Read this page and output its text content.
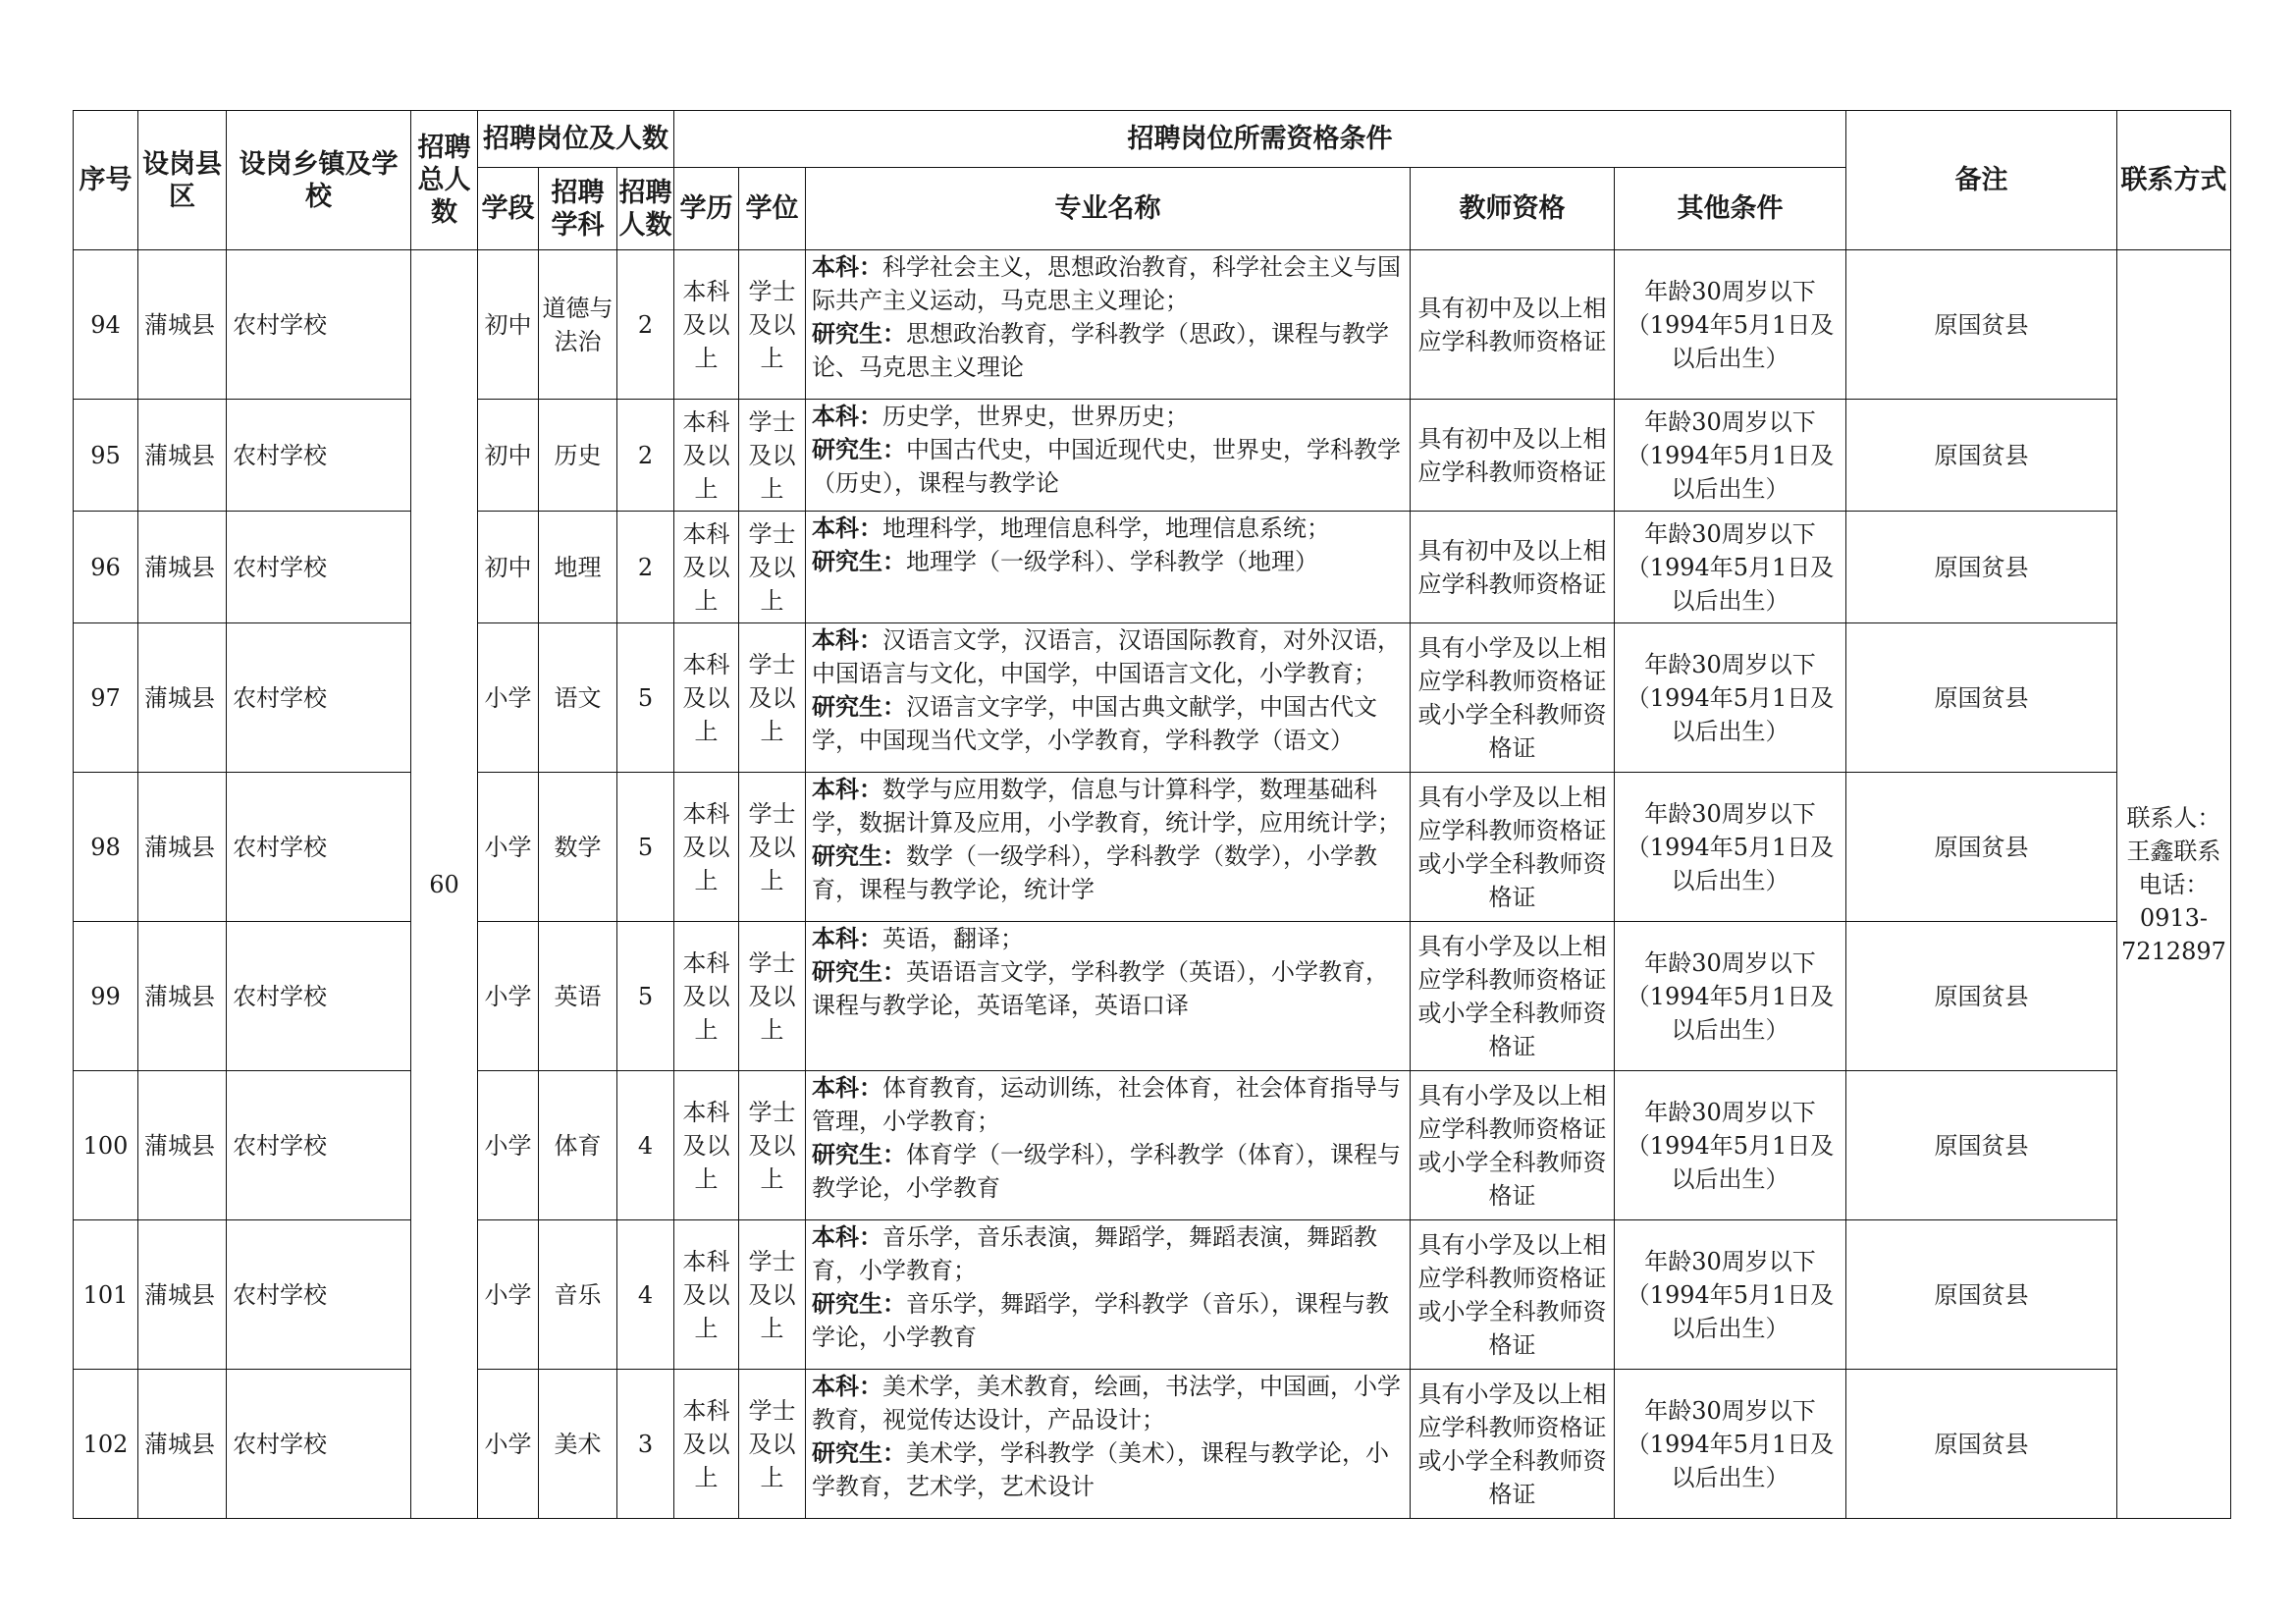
序号	设岗县区	设岗乡镇及学校	招聘总人数	招聘岗位及人数			招聘岗位所需资格条件					备注	联系方式
				学段	招聘学科	招聘人数	学历	学位	专业名称	教师资格	其他条件		
94	蒲城县	农村学校	60	初中	道德与法治	2	本科及以上	学士及以上	本科：科学社会主义，思想政治教育，科学社会主义与国际共产主义运动，马克思主义理论；
研究生：思想政治教育，学科教学（思政），课程与教学论、马克思主义理论	具有初中及以上相应学科教师资格证	年龄30周岁以下（1994年5月1日及以后出生）	原国贫县	联系人：王鑫联系电话：0913-7212897
95	蒲城县	农村学校		初中	历史	2	本科及以上	学士及以上	本科：历史学，世界史，世界历史；
研究生：中国古代史，中国近现代史，世界史，学科教学（历史），课程与教学论	具有初中及以上相应学科教师资格证	年龄30周岁以下（1994年5月1日及以后出生）	原国贫县	
96	蒲城县	农村学校		初中	地理	2	本科及以上	学士及以上	本科：地理科学，地理信息科学，地理信息系统；
研究生：地理学（一级学科）、学科教学（地理）	具有初中及以上相应学科教师资格证	年龄30周岁以下（1994年5月1日及以后出生）	原国贫县	
97	蒲城县	农村学校		小学	语文	5	本科及以上	学士及以上	本科：汉语言文学，汉语言，汉语国际教育，对外汉语，中国语言与文化，中国学，中国语言文化，小学教育；
研究生：汉语言文字学，中国古典文献学，中国古代文学，中国现当代文学，小学教育，学科教学（语文）	具有小学及以上相应学科教师资格证或小学全科教师资格证	年龄30周岁以下（1994年5月1日及以后出生）	原国贫县	
98	蒲城县	农村学校		小学	数学	5	本科及以上	学士及以上	本科：数学与应用数学，信息与计算科学，数理基础科学，数据计算及应用，小学教育，统计学，应用统计学；
研究生：数学（一级学科），学科教学（数学），小学教育，课程与教学论，统计学	具有小学及以上相应学科教师资格证或小学全科教师资格证	年龄30周岁以下（1994年5月1日及以后出生）	原国贫县	
99	蒲城县	农村学校		小学	英语	5	本科及以上	学士及以上	本科：英语，翻译；
研究生：英语语言文学，学科教学（英语），小学教育，课程与教学论，英语笔译，英语口译	具有小学及以上相应学科教师资格证或小学全科教师资格证	年龄30周岁以下（1994年5月1日及以后出生）	原国贫县	
100	蒲城县	农村学校		小学	体育	4	本科及以上	学士及以上	本科：体育教育，运动训练，社会体育，社会体育指导与管理，小学教育；
研究生：体育学（一级学科），学科教学（体育），课程与教学论，小学教育	具有小学及以上相应学科教师资格证或小学全科教师资格证	年龄30周岁以下（1994年5月1日及以后出生）	原国贫县	
101	蒲城县	农村学校		小学	音乐	4	本科及以上	学士及以上	本科：音乐学，音乐表演，舞蹈学，舞蹈表演，舞蹈教育，小学教育；
研究生：音乐学，舞蹈学，学科教学（音乐），课程与教学论，小学教育	具有小学及以上相应学科教师资格证或小学全科教师资格证	年龄30周岁以下（1994年5月1日及以后出生）	原国贫县	
102	蒲城县	农村学校		小学	美术	3	本科及以上	学士及以上	本科：美术学，美术教育，绘画，书法学，中国画，小学教育，视觉传达设计，产品设计；
研究生：美术学，学科教学（美术），课程与教学论，小学教育，艺术学，艺术设计	具有小学及以上相应学科教师资格证或小学全科教师资格证	年龄30周岁以下（1994年5月1日及以后出生）	原国贫县	
